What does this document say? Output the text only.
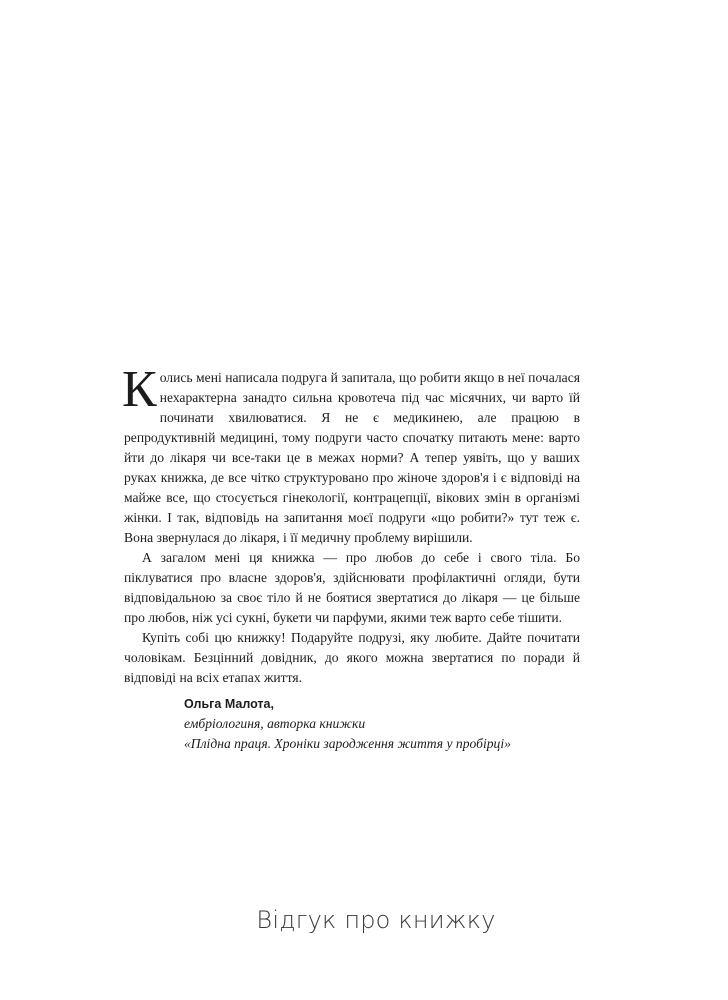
Колись мені написала подруга й запитала, що робити якщо в неї почалася нехарактерна занадто сильна кровотеча під час місячних, чи варто їй починати хвилюватися. Я не є медикинею, але працюю в репродуктивній медицині, тому подруги часто спочатку питають мене: варто йти до лікаря чи все-таки це в межах норми? А тепер уявіть, що у ваших руках книжка, де все чітко структуровано про жіноче здоров'я і є відповіді на майже все, що стосується гінекології, контрацепції, вікових змін в організмі жінки. І так, відповідь на запитання моєї подруги «що робити?» тут теж є. Вона звернулася до лікаря, і її медичну проблему вирішили.

А загалом мені ця книжка — про любов до себе і свого тіла. Бо піклуватися про власне здоров'я, здійснювати профілактичні огляди, бути відповідальною за своє тіло й не боятися звертатися до лікаря — це більше про любов, ніж усі сукні, букети чи парфуми, якими теж варто себе тішити.

Купіть собі цю книжку! Подаруйте подрузі, яку любите. Дайте почитати чоловікам. Безцінний довідник, до якого можна звертатися по поради й відповіді на всіх етапах життя.

Ольга Малота,
ембріологиня, авторка книжки
«Плідна праця. Хроніки зародження життя у пробірці»
Відгук про книжку
